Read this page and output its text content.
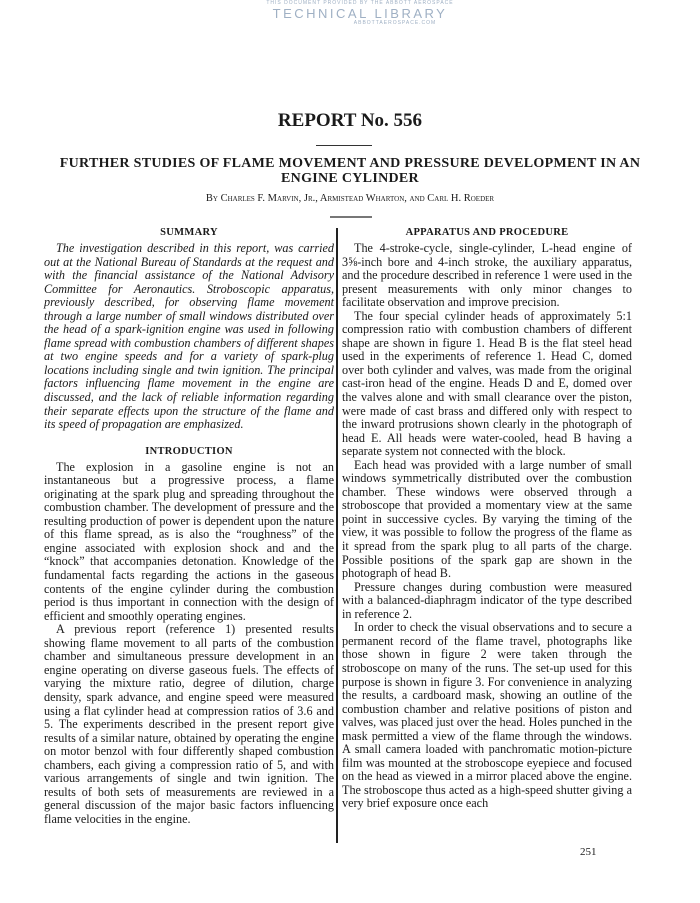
THIS DOCUMENT PROVIDED BY THE ABBOTT AEROSPACE
TECHNICAL LIBRARY
ABBOTTAEROSPACE.COM
REPORT No. 556
FURTHER STUDIES OF FLAME MOVEMENT AND PRESSURE DEVELOPMENT IN AN ENGINE CYLINDER
By Charles F. Marvin, Jr., Armistead Wharton, and Carl H. Roeder
SUMMARY

The investigation described in this report, was carried out at the National Bureau of Standards at the request and with the financial assistance of the National Advisory Committee for Aeronautics. Stroboscopic apparatus, previously described, for observing flame movement through a large number of small windows distributed over the head of a spark-ignition engine was used in following flame spread with combustion chambers of different shapes at two engine speeds and for a variety of spark-plug locations including single and twin ignition. The principal factors influencing flame movement in the engine are discussed, and the lack of reliable information regarding their separate effects upon the structure of the flame and its speed of propagation are emphasized.

INTRODUCTION

The explosion in a gasoline engine is not an instantaneous but a progressive process, a flame originating at the spark plug and spreading throughout the combustion chamber. The development of pressure and the resulting production of power is dependent upon the nature of this flame spread, as is also the “roughness” of the engine associated with explosion shock and and the “knock” that accompanies detonation. Knowledge of the fundamental facts regarding the actions in the gaseous contents of the engine cylinder during the combustion period is thus important in connection with the design of efficient and smoothly operating engines.

A previous report (reference 1) presented results showing flame movement to all parts of the combustion chamber and simultaneous pressure development in an engine operating on diverse gaseous fuels. The effects of varying the mixture ratio, degree of dilution, charge density, spark advance, and engine speed were measured using a flat cylinder head at compression ratios of 3.6 and 5. The experiments described in the present report give results of a similar nature, obtained by operating the engine on motor benzol with four differently shaped combustion chambers, each giving a compression ratio of 5, and with various arrangements of single and twin ignition. The results of both sets of measurements are reviewed in a general discussion of the major basic factors influencing flame velocities in the engine.

APPARATUS AND PROCEDURE

The 4-stroke-cycle, single-cylinder, L-head engine of 3⅝-inch bore and 4-inch stroke, the auxiliary apparatus, and the procedure described in reference 1 were used in the present measurements with only minor changes to facilitate observation and improve precision.

The four special cylinder heads of approximately 5:1 compression ratio with combustion chambers of different shape are shown in figure 1. Head B is the flat steel head used in the experiments of reference 1. Head C, domed over both cylinder and valves, was made from the original cast-iron head of the engine. Heads D and E, domed over the valves alone and with small clearance over the piston, were made of cast brass and differed only with respect to the inward protrusions shown clearly in the photograph of head E. All heads were water-cooled, head B having a separate system not connected with the block.

Each head was provided with a large number of small windows symmetrically distributed over the combustion chamber. These windows were observed through a stroboscope that provided a momentary view at the same point in successive cycles. By varying the timing of the view, it was possible to follow the progress of the flame as it spread from the spark plug to all parts of the charge. Possible positions of the spark gap are shown in the photograph of head B.

Pressure changes during combustion were measured with a balanced-diaphragm indicator of the type described in reference 2.

In order to check the visual observations and to secure a permanent record of the flame travel, photographs like those shown in figure 2 were taken through the stroboscope on many of the runs. The set-up used for this purpose is shown in figure 3. For convenience in analyzing the results, a cardboard mask, showing an outline of the combustion chamber and relative positions of piston and valves, was placed just over the head. Holes punched in the mask permitted a view of the flame through the windows. A small camera loaded with panchromatic motion-picture film was mounted at the stroboscope eyepiece and focused on the head as viewed in a mirror placed above the engine. The stroboscope thus acted as a high-speed shutter giving a very brief exposure once each

251
